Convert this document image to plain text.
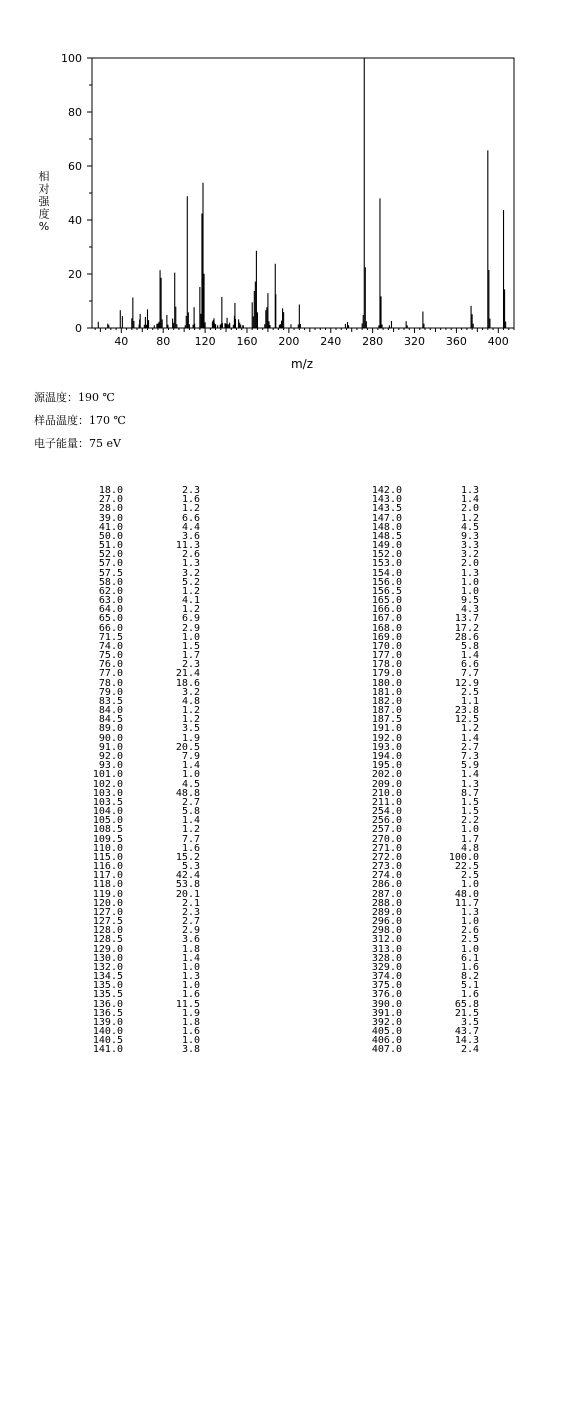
0
20
40
60
80
100
40	80 120 160 200 240 280 320 360 400
m/z
相
对
强
度
%
源温度：190 ℃
样品温度：170 ℃
电子能量：75 eV
18.0	2.3
27.0	1.6
28.0	1.2
39.0	6.6
41.0	4.4
50.0	3.6
51.0	11.3
52.0	2.6
57.0	1.3
57.5	3.2
58.0	5.2
62.0	1.2
63.0	4.1
64.0	1.2
65.0	6.9
66.0	2.9
71.5	1.0
74.0	1.5
75.0	1.7
76.0	2.3
77.0	21.4
78.0	18.6
79.0	3.2
83.5	4.8
84.0	1.2
84.5	1.2
89.0	3.5
90.0	1.9
91.0	20.5
92.0	7.9
93.0	1.4
101.0	1.0
102.0	4.5
103.0	48.8
103.5	2.7
104.0	5.8
105.0	1.4
108.5	1.2
109.5	7.7
110.0	1.6
115.0	15.2
116.0	5.3
117.0	42.4
118.0	53.8
119.0	20.1
120.0	2.1
127.0	2.3
127.5	2.7
128.0	2.9
128.5	3.6
129.0	1.8
130.0	1.4
132.0	1.0
134.5	1.3
135.0	1.0
135.5	1.6
136.0	11.5
136.5	1.9
139.0	1.8
140.0	1.6
140.5	1.0
141.0	3.8
142.0	1.3
143.0	1.4
143.5	2.0
147.0	1.2
148.0	4.5
148.5	9.3
149.0	3.3
152.0	3.2
153.0	2.0
154.0	1.3
156.0	1.0
156.5	1.0
165.0	9.5
166.0	4.3
167.0	13.7
168.0	17.2
169.0	28.6
170.0	5.8
177.0	1.4
178.0	6.6
179.0	7.7
180.0	12.9
181.0	2.5
182.0	1.1
187.0	23.8
187.5	12.5
191.0	1.2
192.0	1.4
193.0	2.7
194.0	7.3
195.0	5.9
202.0	1.4
209.0	1.3
210.0	8.7
211.0	1.5
254.0	1.5
256.0	2.2
257.0	1.0
270.0	1.7
271.0	4.8
272.0	100.0
273.0	22.5
274.0	2.5
286.0	1.0
287.0	48.0
288.0	11.7
289.0	1.3
296.0	1.0
298.0	2.6
312.0	2.5
313.0	1.0
328.0	6.1
329.0	1.6
374.0	8.2
375.0	5.1
376.0	1.6
390.0	65.8
391.0	21.5
392.0	3.5
405.0	43.7
406.0	14.3
407.0	2.4
